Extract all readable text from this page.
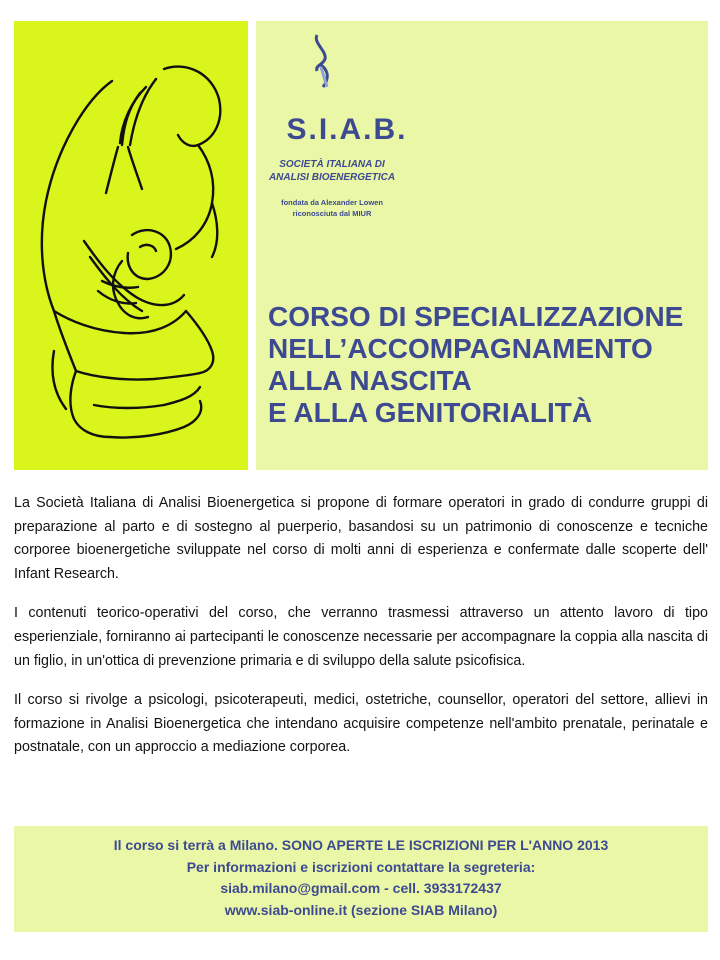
S.I.A.B.
SOCIETÀ ITALIANA DI
ANALISI BIOENERGETICA
fondata da Alexander Lowen
riconosciuta dal MIUR
CORSO DI SPECIALIZZAZIONE
NELL’ACCOMPAGNAMENTO
ALLA NASCITA
E ALLA GENITORIALITÀ

La Società Italiana di Analisi Bioenergetica si propone di formare operatori in grado di condurre gruppi di preparazione al parto e di sostegno al puerperio, basandosi su un patrimonio di conoscenze e tecniche corporee bioenergetiche sviluppate nel corso di molti anni di esperienza e confermate dalle scoperte dell' Infant Research.

I contenuti teorico-operativi del corso, che verranno trasmessi attraverso un attento lavoro di tipo esperienziale, forniranno ai partecipanti le conoscenze necessarie per accompagnare la coppia alla nascita di un figlio, in un'ottica di prevenzione primaria e di sviluppo della salute psicofisica.

Il corso si rivolge a psicologi, psicoterapeuti, medici, ostetriche, counsellor, operatori del settore, allievi in formazione in Analisi Bioenergetica che intendano acquisire competenze nell'ambito prenatale, perinatale e postnatale, con un approccio a mediazione corporea.

Il corso si terrà a Milano. SONO APERTE LE ISCRIZIONI PER L'ANNO 2013
Per informazioni e iscrizioni contattare la segreteria:
siab.milano@gmail.com - cell. 3933172437
www.siab-online.it (sezione SIAB Milano)
